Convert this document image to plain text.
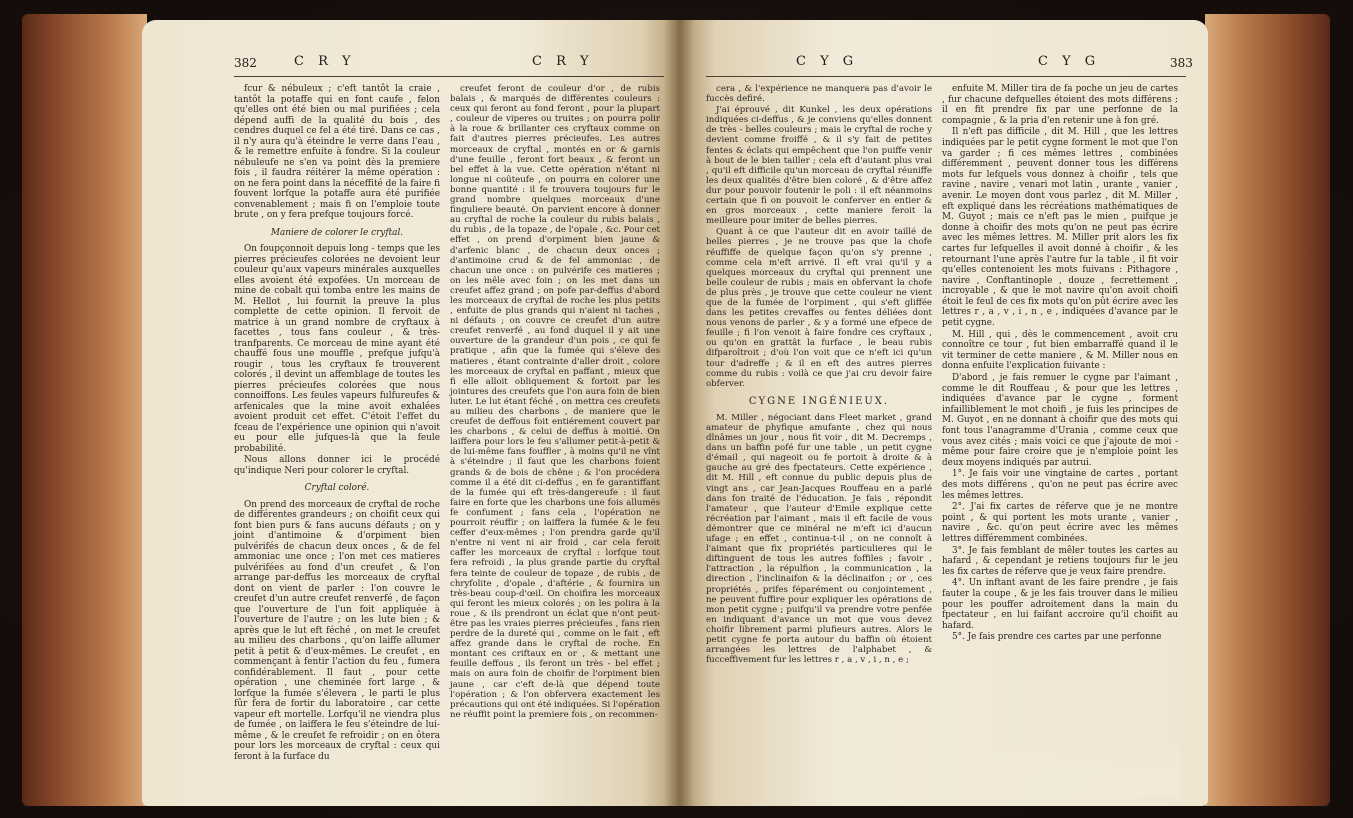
382	C R Y	C R Y

fcur & nébuleux ; c'eft tantôt la craie , tantôt la potaffe qui en font caufe , felon qu'elles ont été bien ou mal purifiées ; cela dépend auffi de la qualité du bois , des cendres duquel ce fel a été tiré. Dans ce cas , il n'y aura qu'à éteindre le verre dans l'eau , & le remettre enfuite à fondre. Si la couleur nébuleufe ne s'en va point dès la premiere fois , il faudra réitérer la même opération : on ne fera point dans la néceffité de la faire fi fouvent lorfque la potaffe aura été purifiée convenablement ; mais fi on l'emploie toute brute , on y fera prefque toujours forcé.

Maniere de colorer le cryftal.

On foupçonnoit depuis long - temps que les pierres précieufes colorées ne devoient leur couleur qu'aux vapeurs minérales auxquelles elles avoient été expofées. Un morceau de mine de cobalt qui tomba entre les mains de M. Hellot , lui fournit la preuve la plus complette de cette opinion. Il fervoit de matrice à un grand nombre de cryftaux à facettes , tous fans couleur , & très-tranfparents. Ce morceau de mine ayant été chauffé fous une mouffle , prefque jufqu'à rougir , tous les cryftaux fe trouverent colorés , il devint un affemblage de toutes les pierres précieufes colorées que nous connoiffons. Les feules vapeurs fulfureufes & arfenicales que la mine avoit exhalées avoient produit cet effet. C'étoit l'effet du fceau de l'expérience une opinion qui n'avoit eu pour elle jufques-là que la feule probabilité.

Nous allons donner ici le procédé qu'indique Neri pour colorer le cryftal.

Cryftal coloré.

On prend des morceaux de cryftal de roche de différentes grandeurs ; on choifit ceux qui font bien purs & fans aucuns défauts ; on y joint d'antimoine & d'orpiment bien pulvérifés de chacun deux onces , & de fel ammoniac une once ; l'on met ces matieres pulvérifées au fond d'un creufet , & l'on arrange par-deffus les morceaux de cryftal dont on vient de parler : l'on couvre le creufet d'un autre creufet renverfé , de façon que l'ouverture de l'un foit appliquée à l'ouverture de l'autre ; on les lute bien ; & après que le lut eft féché , on met le creufet au milieu des charbons , qu'on laiffe allumer petit à petit & d'eux-mêmes. Le creufet , en commençant à fentir l'action du feu , fumera confidérablement. Il faut , pour cette opération , une cheminée fort large , & lorfque la fumée s'élevera , le parti le plus fûr fera de fortir du laboratoire , car cette vapeur eft mortelle. Lorfqu'il ne viendra plus de fumée , on laiffera le feu s'éteindre de lui-même , & le creufet fe refroidir ; on en ôtera pour lors les morceaux de cryftal : ceux qui feront à la furface du

creufet feront de couleur d'or , de rubis balais , & marqués de différentes couleurs : ceux qui feront au fond feront , pour la plupart , couleur de viperes ou truites ; on pourra polir à la roue & brillanter ces cryftaux comme on fait d'autres pierres précieufes. Les autres morceaux de cryftal , montés en or & garnis d'une feuille , feront fort beaux , & feront un bel effet à la vue. Cette opération n'étant ni longue ni coûteufe , on pourra en colorer une bonne quantité : il fe trouvera toujours fur le grand nombre quelques morceaux d'une finguliere beauté. On parvient encore à donner au cryftal de roche la couleur du rubis balais , du rubis , de la topaze , de l'opale , &c. Pour cet effet , on prend d'orpiment bien jaune & d'arfenic blanc , de chacun deux onces ; d'antimoine crud & de fel ammoniac , de chacun une once : on pulvérife ces matieres ; on les mêle avec foin ; on les met dans un creufet affez grand ; on pofe par-deffus d'abord les morceaux de cryftal de roche les plus petits , enfuite de plus grands qui n'aient ni taches , ni défauts ; on couvre ce creufet d'un autre creufet renverfé , au fond duquel il y ait une ouverture de la grandeur d'un pois , ce qui fe pratique , afin que la fumée qui s'éleve des matieres , étant contrainte d'aller droit , colore les morceaux de cryftal en paffant , mieux que fi elle alloit obliquement & fortoit par les jointures des creufets que l'on aura foin de bien luter. Le lut étant féché , on mettra ces creufets au milieu des charbons , de maniere que le creufet de deffous foit entiérement couvert par les charbons , & celui de deffus à moitié. On laiffera pour lors le feu s'allumer petit-à-petit & de lui-même fans fouffler , à moins qu'il ne vînt à s'éteindre ; il faut que les charbons foient grands & de bois de chêne ; & l'on procédera comme il a été dit ci-deffus , en fe garantiffant de la fumée qui eft très-dangereufe : il faut faire en forte que les charbons une fois allumés fe confument ; fans cela , l'opération ne pourroit réuffir ; on laiffera la fumée & le feu ceffer d'eux-mêmes ; l'on prendra garde qu'il n'entre ni vent ni air froid , car cela feroit caffer les morceaux de cryftal : lorfque tout fera refroidi , la plus grande partie du cryftal fera teinte de couleur de topaze , de rubis , de chryfolite , d'opale , d'aftérie , & fournira un très-beau coup-d'œil. On choifira les morceaux qui feront les mieux colorés ; on les polira à la roue , & ils prendront un éclat que n'ont peut-être pas les vraies pierres précieufes , fans rien perdre de la dureté qui , comme on le fait , eft affez grande dans le cryftal de roche. En montant ces criftaux en or , & mettant une feuille deffous , ils feront un très - bel effet ; mais on aura foin de choifir de l'orpiment bien jaune , car c'eft de-là que dépend toute l'opération ; & l'on obfervera exactement les précautions qui ont été indiquées. Si l'opération ne réuffit point la premiere fois , on recommen-

C Y G	C Y G	383

cera , & l'expérience ne manquera pas d'avoir le fuccès defiré.

J'ai éprouvé , dit Kunkel , les deux opérations indiquées ci-deffus , & je conviens qu'elles donnent de très - belles couleurs ; mais le cryftal de roche y devient comme froiffé , & il s'y fait de petites fentes & éclats qui empêchent que l'on puiffe venir à bout de le bien tailler ; cela eft d'autant plus vrai , qu'il eft difficile qu'un morceau de cryftal réuniffe les deux qualités d'être bien coloré , & d'être affez dur pour pouvoir foutenir le poli : il eft néanmoins certain que fi on pouvoit le conferver en entier & en gros morceaux , cette maniere feroit la meilleure pour imiter de belles pierres.

Quant à ce que l'auteur dit en avoir taillé de belles pierres , je ne trouve pas que la chofe réuffiffe de quelque façon qu'on s'y prenne , comme cela m'eft arrivé. Il eft vrai qu'il y a quelques morceaux du cryftal qui prennent une belle couleur de rubis ; mais en obfervant la chofe de plus près , je trouve que cette couleur ne vient que de la fumée de l'orpiment , qui s'eft gliffée dans les petites crevaffes ou fentes déliées dont nous venons de parler , & y a formé une efpece de feuille ; fi l'on venoit à faire fondre ces cryftaux , ou qu'on en grattât la furface , le beau rubis difparoîtroit ; d'où l'on voit que ce n'eft ici qu'un tour d'adreffe ; & il en eft des autres pierres comme du rubis : voilà ce que j'ai cru devoir faire obferver.

CYGNE INGÉNIEUX.

M. Miller , négociant dans Fleet market , grand amateur de phyfique amufante , chez qui nous dînâmes un jour , nous fit voir , dit M. Decremps , dans un baffin pofé fur une table , un petit cygne d'émail , qui nageoit ou fe portoit à droite & à gauche au gré des fpectateurs. Cette expérience , dit M. Hill , eft connue du public depuis plus de vingt ans , car Jean-Jacques Rouffeau en a parlé dans fon traité de l'éducation. Je fais , répondit l'amateur , que l'auteur d'Emile explique cette récréation par l'aimant , mais il eft facile de vous démontrer que ce minéral ne m'eft ici d'aucun ufage ; en effet , continua-t-il , on ne connoît à l'aimant que fix propriétés particulieres qui le diftinguent de tous les autres foffiles ; favoir , l'attraction , la répulfion , la communication , la direction , l'inclinaifon & la déclinaifon ; or , ces propriétés , prifes féparément ou conjointement , ne peuvent fuffire pour expliquer les opérations de mon petit cygne ; puifqu'il va prendre votre penfée en indiquant d'avance un mot que vous devez choifir librement parmi plufieurs autres. Alors le petit cygne fe porta autour du baffin où étoient arrangées les lettres de l'alphabet , & fucceffivement fur les lettres r , a , v , i , n , e ;

enfuite M. Miller tira de fa poche un jeu de cartes , fur chacune defquelles étoient des mots différens ; il en fit prendre fix par une perfonne de la compagnie , & la pria d'en retenir une à fon gré.

Il n'eft pas difficile , dit M. Hill , que les lettres indiquées par le petit cygne forment le mot que l'on va garder ; fi ces mêmes lettres , combinées différemment , peuvent donner tous les différens mots fur lefquels vous donnez à choifir , tels que ravine , navire , venari mot latin , urante , vanier , avenir. Le moyen dont vous parlez , dit M. Miller , eft expliqué dans les récréations mathématiques de M. Guyot ; mais ce n'eft pas le mien , puifque je donne à choifir des mots qu'on ne peut pas écrire avec les mêmes lettres. M. Miller prit alors les fix cartes fur lefquelles il avoit donné à choifir , & les retournant l'une après l'autre fur la table , il fit voir qu'elles contenoient les mots fuivans : Pithagore , navire , Conftantinople , douze , fecrettement , incroyable , & que le mot navire qu'on avoit choifi étoit le feul de ces fix mots qu'on pût écrire avec les lettres r , a , v , i , n , e , indiquées d'avance par le petit cygne.

M. Hill , qui , dès le commencement , avoit cru connoître ce tour , fut bien embarraffé quand il le vit terminer de cette maniere , & M. Miller nous en donna enfuite l'explication fuivante :

D'abord , je fais remuer le cygne par l'aimant , comme le dit Rouffeau , & pour que les lettres , indiquées d'avance par le cygne , forment infailliblement le mot choifi , je fuis les principes de M. Guyot , en ne donnant à choifir que des mots qui font tous l'anagramme d'Urania , comme ceux que vous avez cités ; mais voici ce que j'ajoute de moi - même pour faire croire que je n'emploie point les deux moyens indiqués par autrui.

1°. Je fais voir une vingtaine de cartes , portant des mots différens , qu'on ne peut pas écrire avec les mêmes lettres.

2°. J'ai fix cartes de réferve que je ne montre point , & qui portent les mots urante , vanier , navire , &c. qu'on peut écrire avec les mêmes lettres différemment combinées.

3°. Je fais femblant de mêler toutes les cartes au hafard , & cependant je retiens toujours fur le jeu les fix cartes de réferve que je veux faire prendre.

4°. Un inftant avant de les faire prendre , je fais fauter la coupe , & je les fais trouver dans le milieu pour les pouffer adroitement dans la main du fpectateur , en lui faifant accroire qu'il choifit au hafard.

5°. Je fais prendre ces cartes par une perfonne
